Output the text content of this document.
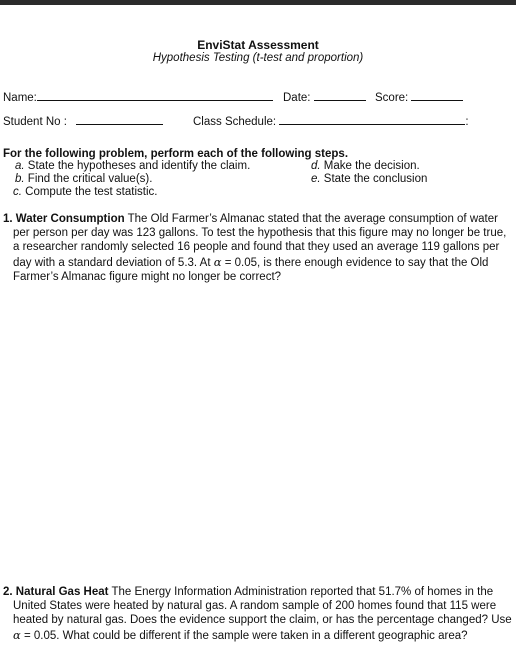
EnviStat Assessment
Hypothesis Testing (t-test and proportion)
Name:	Date:	Score:
Student No :	Class Schedule:	:
For the following problem, perform each of the following steps.
a. State the hypotheses and identify the claim.
b. Find the critical value(s).
c. Compute the test statistic.
d. Make the decision.
e. State the conclusion
1. Water Consumption The Old Farmer’s Almanac stated that the average consumption of water per person per day was 123 gallons. To test the hypothesis that this figure may no longer be true, a researcher randomly selected 16 people and found that they used an average 119 gallons per day with a standard deviation of 5.3. At α = 0.05, is there enough evidence to say that the Old Farmer’s Almanac figure might no longer be correct?
2. Natural Gas Heat The Energy Information Administration reported that 51.7% of homes in the United States were heated by natural gas. A random sample of 200 homes found that 115 were heated by natural gas. Does the evidence support the claim, or has the percentage changed? Use α = 0.05. What could be different if the sample were taken in a different geographic area?
